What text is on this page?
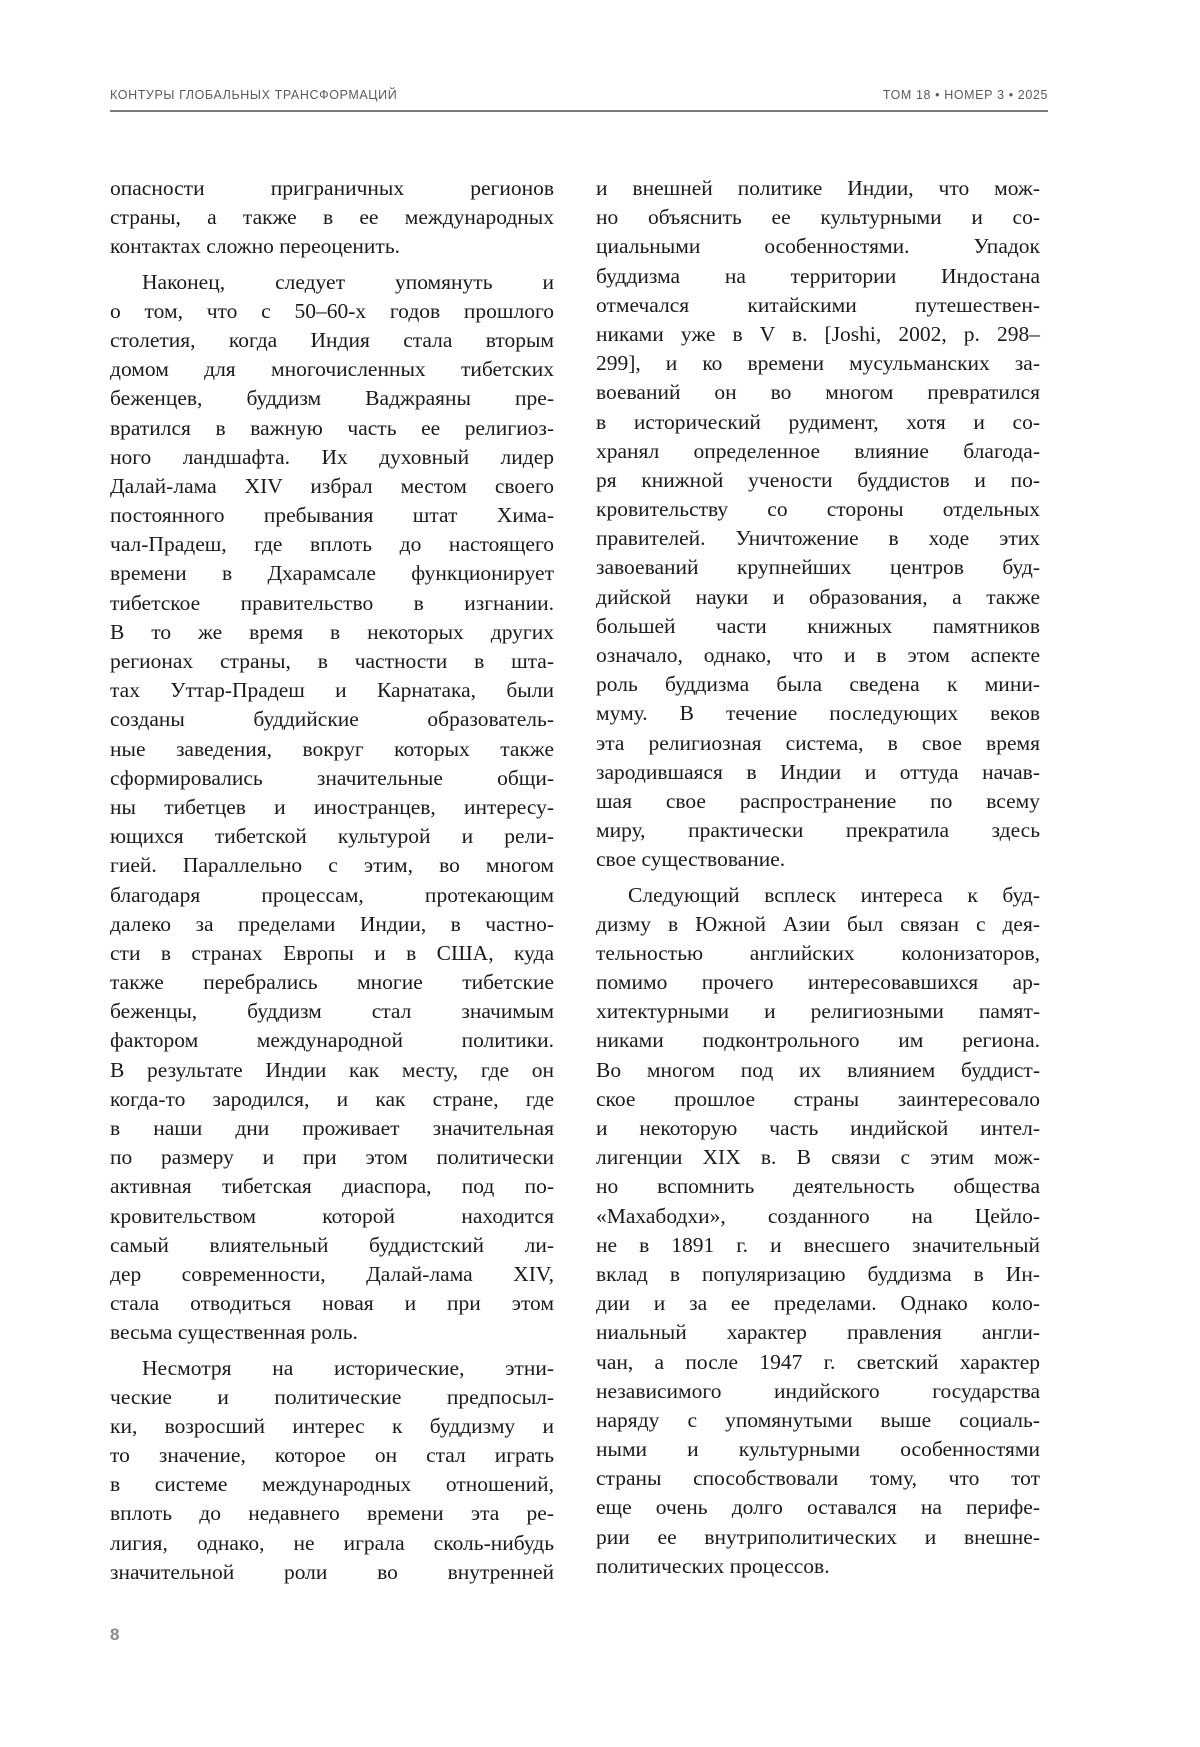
КОНТУРЫ ГЛОБАЛЬНЫХ ТРАНСФОРМАЦИЙ	ТОМ 18 • НОМЕР 3 • 2025
опасности приграничных регионов
страны, а также в ее международных
контактах сложно переоценить.
Наконец, следует упомянуть и
о том, что с 50–60-х годов прошлого
столетия, когда Индия стала вторым
домом для многочисленных тибетских
беженцев, буддизм Ваджраяны пре-
вратился в важную часть ее религиоз-
ного ландшафта. Их духовный лидер
Далай-лама XIV избрал местом своего
постоянного пребывания штат Хима-
чал-Прадеш, где вплоть до настоящего
времени в Дхарамсале функционирует
тибетское правительство в изгнании.
В то же время в некоторых других
регионах страны, в частности в шта-
тах Уттар-Прадеш и Карнатака, были
созданы буддийские образователь-
ные заведения, вокруг которых также
сформировались значительные общи-
ны тибетцев и иностранцев, интересу-
ющихся тибетской культурой и рели-
гией. Параллельно с этим, во многом
благодаря процессам, протекающим
далеко за пределами Индии, в частно-
сти в странах Европы и в США, куда
также перебрались многие тибетские
беженцы, буддизм стал значимым
фактором международной политики.
В результате Индии как месту, где он
когда-то зародился, и как стране, где
в наши дни проживает значительная
по размеру и при этом политически
активная тибетская диаспора, под по-
кровительством которой находится
самый влиятельный буддистский ли-
дер современности, Далай-лама XIV,
стала отводиться новая и при этом
весьма существенная роль.
Несмотря на исторические, этни-
ческие и политические предпосыл-
ки, возросший интерес к буддизму и
то значение, которое он стал играть
в системе международных отношений,
вплоть до недавнего времени эта ре-
лигия, однако, не играла сколь-нибудь
значительной роли во внутренней
и внешней политике Индии, что мож-
но объяснить ее культурными и со-
циальными особенностями. Упадок
буддизма на территории Индостана
отмечался китайскими путешествен-
никами уже в V в. [Joshi, 2002, p. 298–
299], и ко времени мусульманских за-
воеваний он во многом превратился
в исторический рудимент, хотя и со-
хранял определенное влияние благода-
ря книжной учености буддистов и по-
кровительству со стороны отдельных
правителей. Уничтожение в ходе этих
завоеваний крупнейших центров буд-
дийской науки и образования, а также
большей части книжных памятников
означало, однако, что и в этом аспекте
роль буддизма была сведена к мини-
муму. В течение последующих веков
эта религиозная система, в свое время
зародившаяся в Индии и оттуда начав-
шая свое распространение по всему
миру, практически прекратила здесь
свое существование.
Следующий всплеск интереса к буд-
дизму в Южной Азии был связан с дея-
тельностью английских колонизаторов,
помимо прочего интересовавшихся ар-
хитектурными и религиозными памят-
никами подконтрольного им региона.
Во многом под их влиянием буддист-
ское прошлое страны заинтересовало
и некоторую часть индийской интел-
лигенции XIX в. В связи с этим мож-
но вспомнить деятельность общества
«Махабодхи», созданного на Цейло-
не в 1891 г. и внесшего значительный
вклад в популяризацию буддизма в Ин-
дии и за ее пределами. Однако коло-
ниальный характер правления англи-
чан, а после 1947 г. светский характер
независимого индийского государства
наряду с упомянутыми выше социаль-
ными и культурными особенностями
страны способствовали тому, что тот
еще очень долго оставался на перифе-
рии ее внутриполитических и внешне-
политических процессов.
8
